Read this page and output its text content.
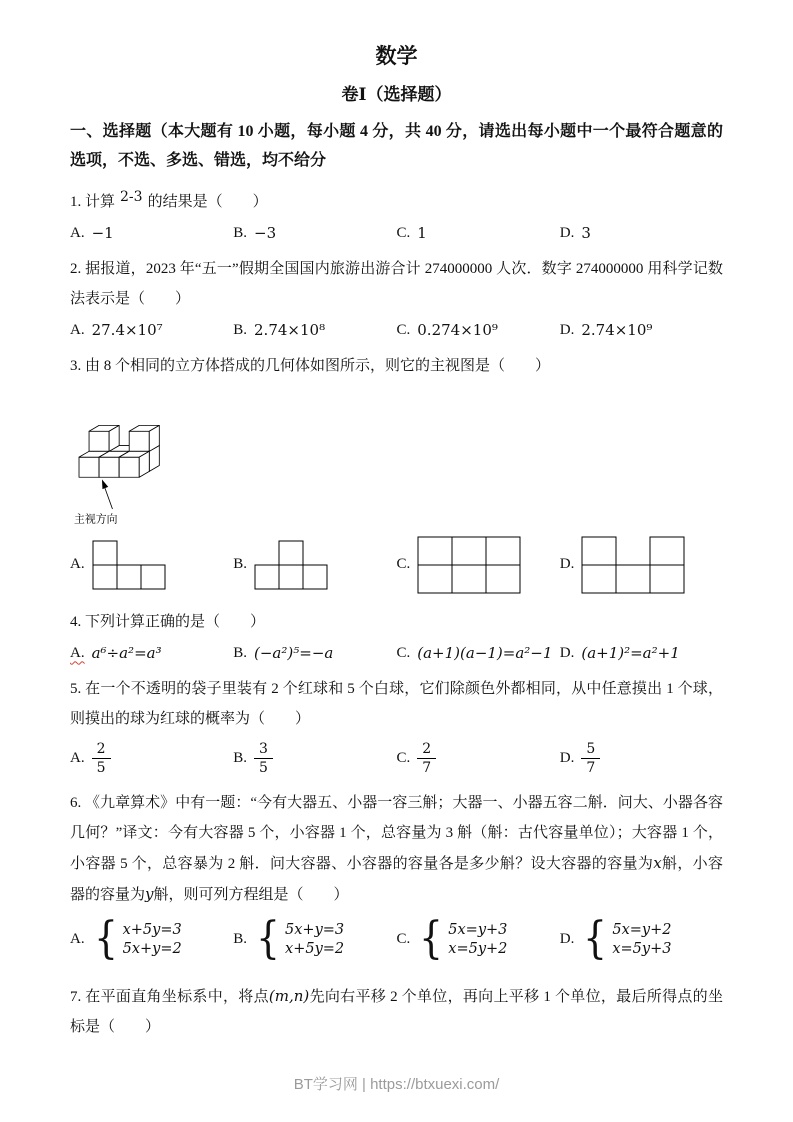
数学
卷Ⅰ（选择题）

一、选择题（本大题有 10 小题，每小题 4 分，共 40 分，请选出每小题中一个最符合题意的选项，不选、多选、错选，均不给分

1. 计算 2-3 的结果是（　　）

A. −1	B. −3	C. 1	D. 3

2. 据报道，2023 年“五一”假期全国国内旅游出游合计 274000000 人次．数字 274000000 用科学记数法表示是（　　）

A. 27.4×10⁷	B. 2.74×10⁸	C. 0.274×10⁹	D. 2.74×10⁹

3. 由 8 个相同的立方体搭成的几何体如图所示，则它的主视图是（　　）

主视方向
A.	B.	C.	D.

4. 下列计算正确的是（　　）

A. a⁶÷a²=a³	B. (−a²)⁵=−a	C. (a+1)(a−1)=a²−1 D. (a+1)²=a²+1

5. 在一个不透明的袋子里装有 2 个红球和 5 个白球，它们除颜色外都相同，从中任意摸出 1 个球，则摸出的球为红球的概率为（　　）

A. $\frac{2}{5}$	B. $\frac{3}{5}$	C. $\frac{2}{7}$	D. $\frac{5}{7}$

6. 《九章算术》中有一题：“今有大器五、小器一容三斛；大器一、小器五容二斛．问大、小器各容几何？”译文：今有大容器 5 个，小容器 1 个，总容量为 3 斛（斛：古代容量单位）；大容器 1 个，小容器 5 个，总容暴为 2 斛．问大容器、小容器的容量各是多少斛？设大容器的容量为x斛，小容器的容量为y斛，则可列方程组是（　　）

A. { x+5y=3
5x+y=2
B. { 5x+y=3
x+5y=2
C. { 5x=y+3
x=5y+2
D. { 5x=y+2
x=5y+3

7. 在平面直角坐标系中，将点(m,n)先向右平移 2 个单位，再向上平移 1 个单位，最后所得点的坐标是（　　）

BT学习网 | https://btxuexi.com/
